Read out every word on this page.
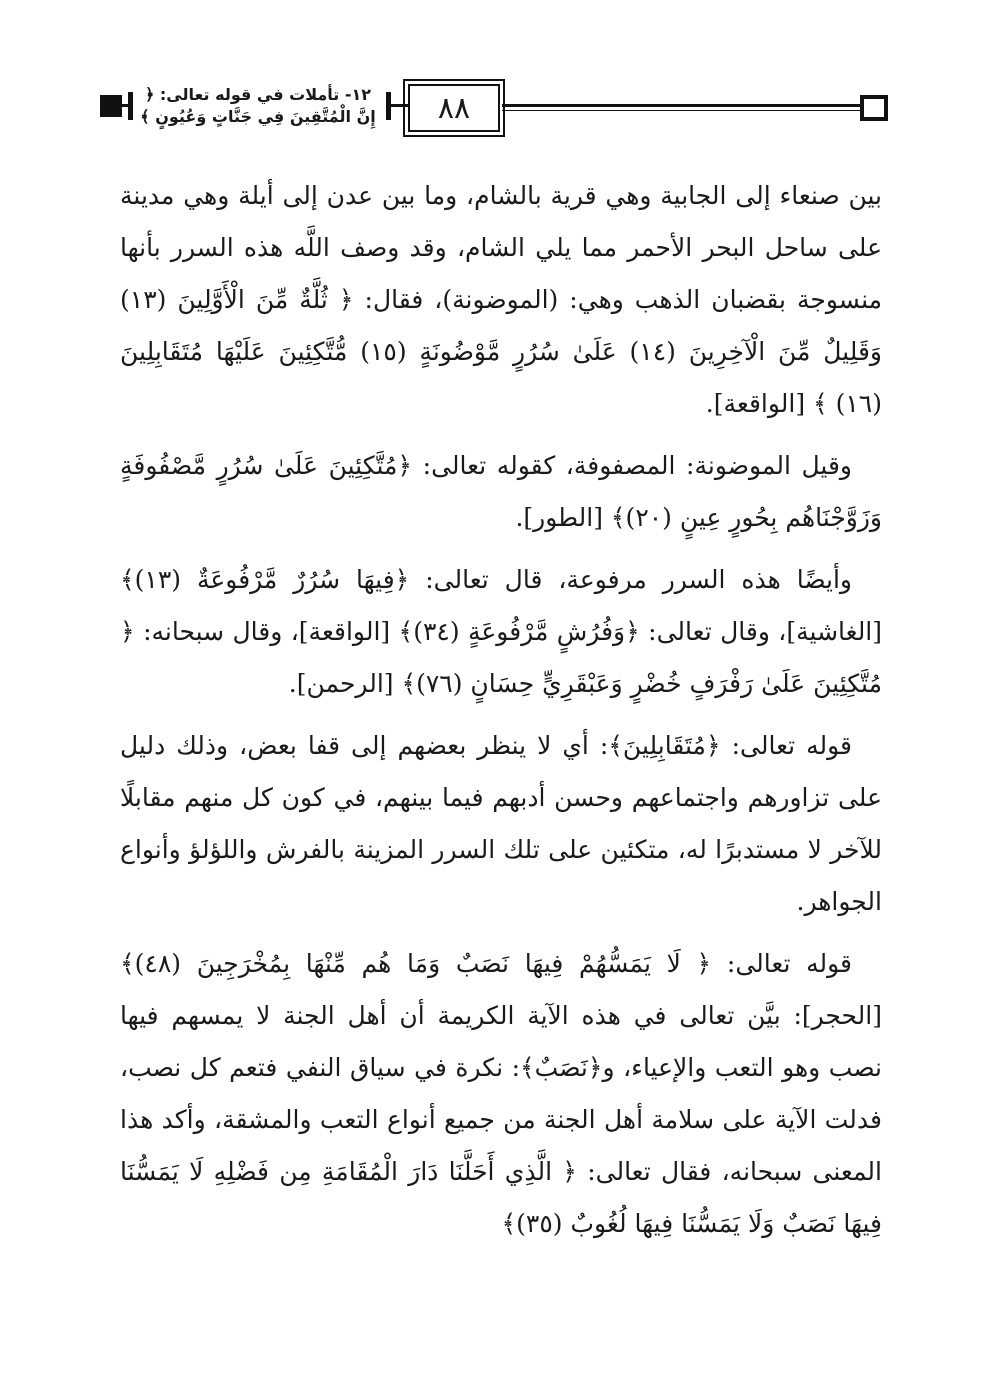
١٢- تأملات في قوله تعالى: ﴿ إِنَّ الْمُتَّقِينَ فِي جَنَّاتٍ وَعُيُونٍ ﴾	٨٨
بين صنعاء إلى الجابية وهي قرية بالشام، وما بين عدن إلى أيلة وهي مدينة على ساحل البحر الأحمر مما يلي الشام، وقد وصف اللَّه هذه السرر بأنها منسوجة بقضبان الذهب وهي: (الموضونة)، فقال: ﴿ ثُلَّةٌ مِّنَ الْأَوَّلِينَ (١٣) وَقَلِيلٌ مِّنَ الْآخِرِينَ (١٤) عَلَىٰ سُرُرٍ مَّوْضُونَةٍ (١٥) مُّتَّكِئِينَ عَلَيْهَا مُتَقَابِلِينَ (١٦) ﴾ [الواقعة].
وقيل الموضونة: المصفوفة، كقوله تعالى: ﴿مُتَّكِئِينَ عَلَىٰ سُرُرٍ مَّصْفُوفَةٍ وَزَوَّجْنَاهُم بِحُورٍ عِينٍ (٢٠)﴾ [الطور].
وأيضًا هذه السرر مرفوعة، قال تعالى: ﴿فِيهَا سُرُرٌ مَّرْفُوعَةٌ (١٣)﴾ [الغاشية]، وقال تعالى: ﴿وَفُرُشٍ مَّرْفُوعَةٍ (٣٤)﴾ [الواقعة]، وقال سبحانه: ﴿ مُتَّكِئِينَ عَلَىٰ رَفْرَفٍ خُضْرٍ وَعَبْقَرِيٍّ حِسَانٍ (٧٦)﴾ [الرحمن].
قوله تعالى: ﴿مُتَقَابِلِينَ﴾: أي لا ينظر بعضهم إلى قفا بعض، وذلك دليل على تزاورهم واجتماعهم وحسن أدبهم فيما بينهم، في كون كل منهم مقابلًا للآخر لا مستدبرًا له، متكئين على تلك السرر المزينة بالفرش واللؤلؤ وأنواع الجواهر.
قوله تعالى: ﴿ لَا يَمَسُّهُمْ فِيهَا نَصَبٌ وَمَا هُم مِّنْهَا بِمُخْرَجِينَ (٤٨)﴾ [الحجر]: بيَّن تعالى في هذه الآية الكريمة أن أهل الجنة لا يمسهم فيها نصب وهو التعب والإعياء، و﴿نَصَبٌ﴾: نكرة في سياق النفي فتعم كل نصب، فدلت الآية على سلامة أهل الجنة من جميع أنواع التعب والمشقة، وأكد هذا المعنى سبحانه، فقال تعالى: ﴿ الَّذِي أَحَلَّنَا دَارَ الْمُقَامَةِ مِن فَضْلِهِ لَا يَمَسُّنَا فِيهَا نَصَبٌ وَلَا يَمَسُّنَا فِيهَا لُغُوبٌ (٣٥)﴾
